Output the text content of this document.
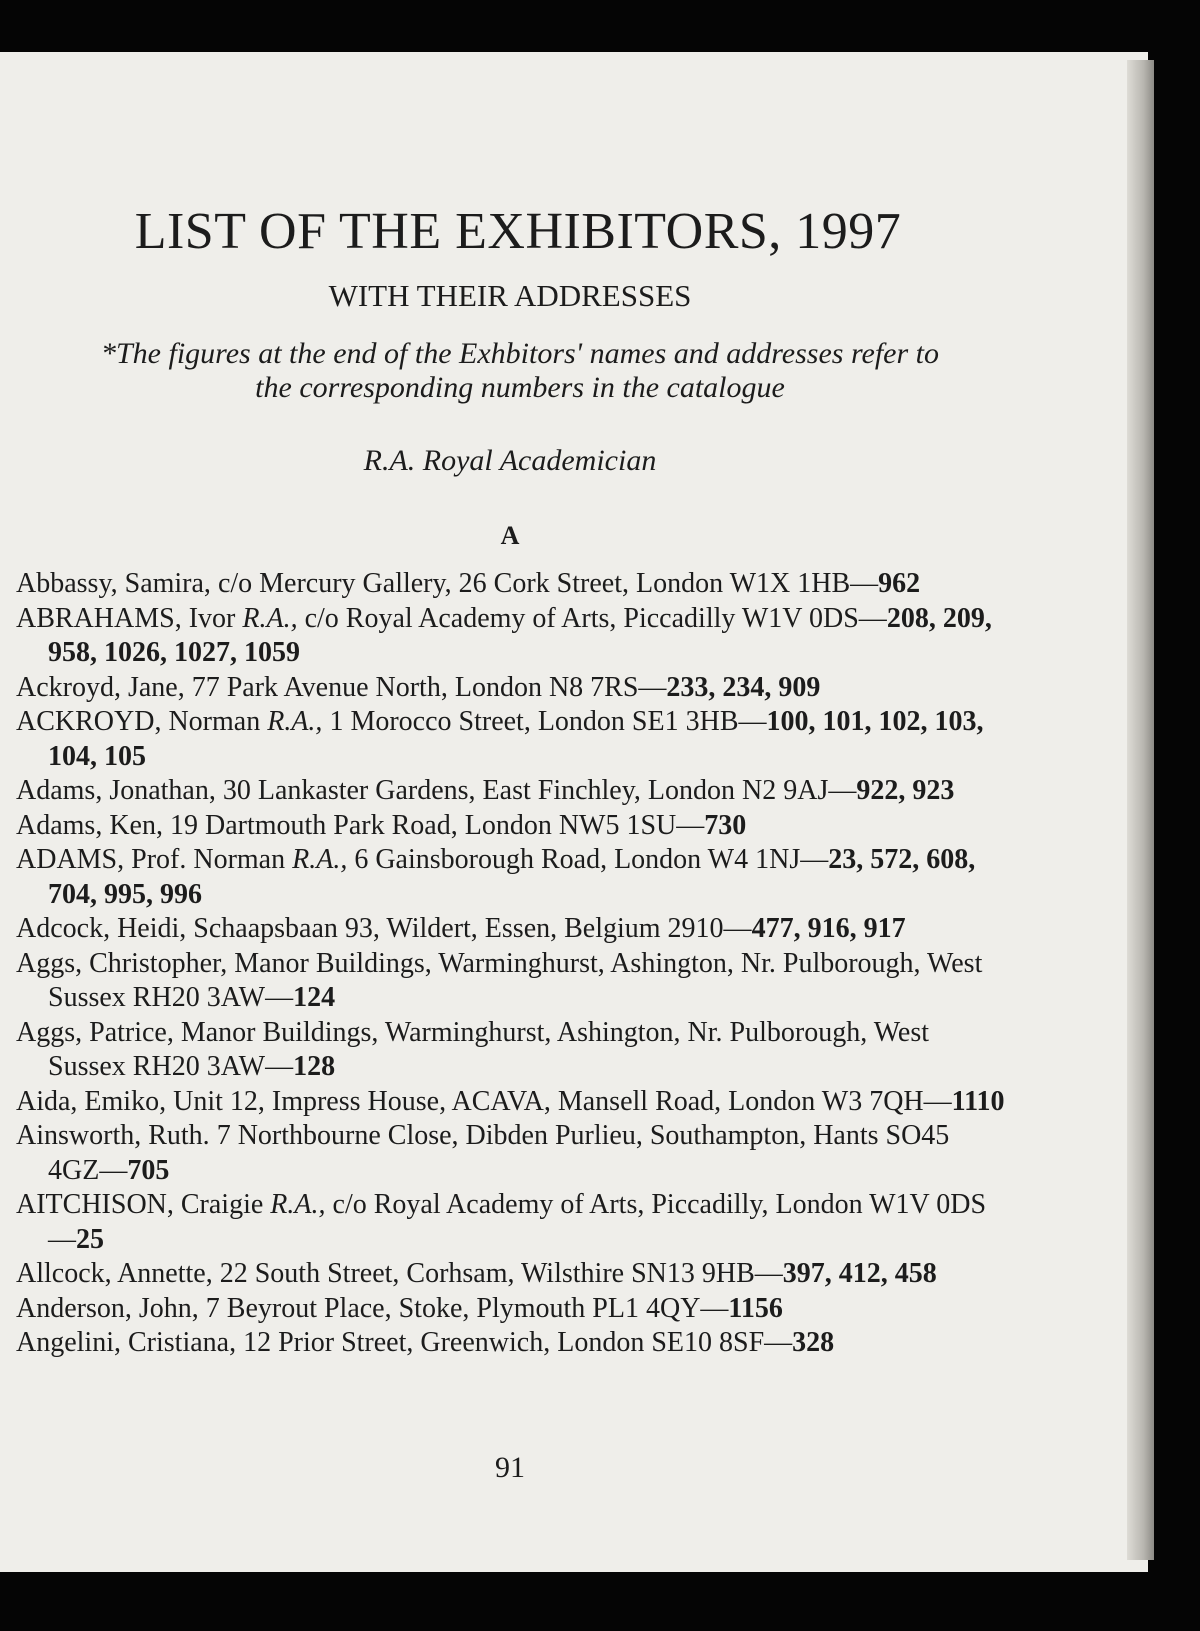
LIST OF THE EXHIBITORS, 1997
WITH THEIR ADDRESSES
*The figures at the end of the Exhbitors' names and addresses refer to
the corresponding numbers in the catalogue
R.A. Royal Academician
A
Abbassy, Samira, c/o Mercury Gallery, 26 Cork Street, London W1X 1HB—962
ABRAHAMS, Ivor R.A., c/o Royal Academy of Arts, Piccadilly W1V 0DS—208, 209, 958, 1026, 1027, 1059
Ackroyd, Jane, 77 Park Avenue North, London N8 7RS—233, 234, 909
ACKROYD, Norman R.A., 1 Morocco Street, London SE1 3HB—100, 101, 102, 103, 104, 105
Adams, Jonathan, 30 Lankaster Gardens, East Finchley, London N2 9AJ—922, 923
Adams, Ken, 19 Dartmouth Park Road, London NW5 1SU—730
ADAMS, Prof. Norman R.A., 6 Gainsborough Road, London W4 1NJ—23, 572, 608, 704, 995, 996
Adcock, Heidi, Schaapsbaan 93, Wildert, Essen, Belgium 2910—477, 916, 917
Aggs, Christopher, Manor Buildings, Warminghurst, Ashington, Nr. Pulborough, West Sussex RH20 3AW—124
Aggs, Patrice, Manor Buildings, Warminghurst, Ashington, Nr. Pulborough, West Sussex RH20 3AW—128
Aida, Emiko, Unit 12, Impress House, ACAVA, Mansell Road, London W3 7QH—1110
Ainsworth, Ruth. 7 Northbourne Close, Dibden Purlieu, Southampton, Hants SO45 4GZ—705
AITCHISON, Craigie R.A., c/o Royal Academy of Arts, Piccadilly, London W1V 0DS—25
Allcock, Annette, 22 South Street, Corhsam, Wilsthire SN13 9HB—397, 412, 458
Anderson, John, 7 Beyrout Place, Stoke, Plymouth PL1 4QY—1156
Angelini, Cristiana, 12 Prior Street, Greenwich, London SE10 8SF—328
91
